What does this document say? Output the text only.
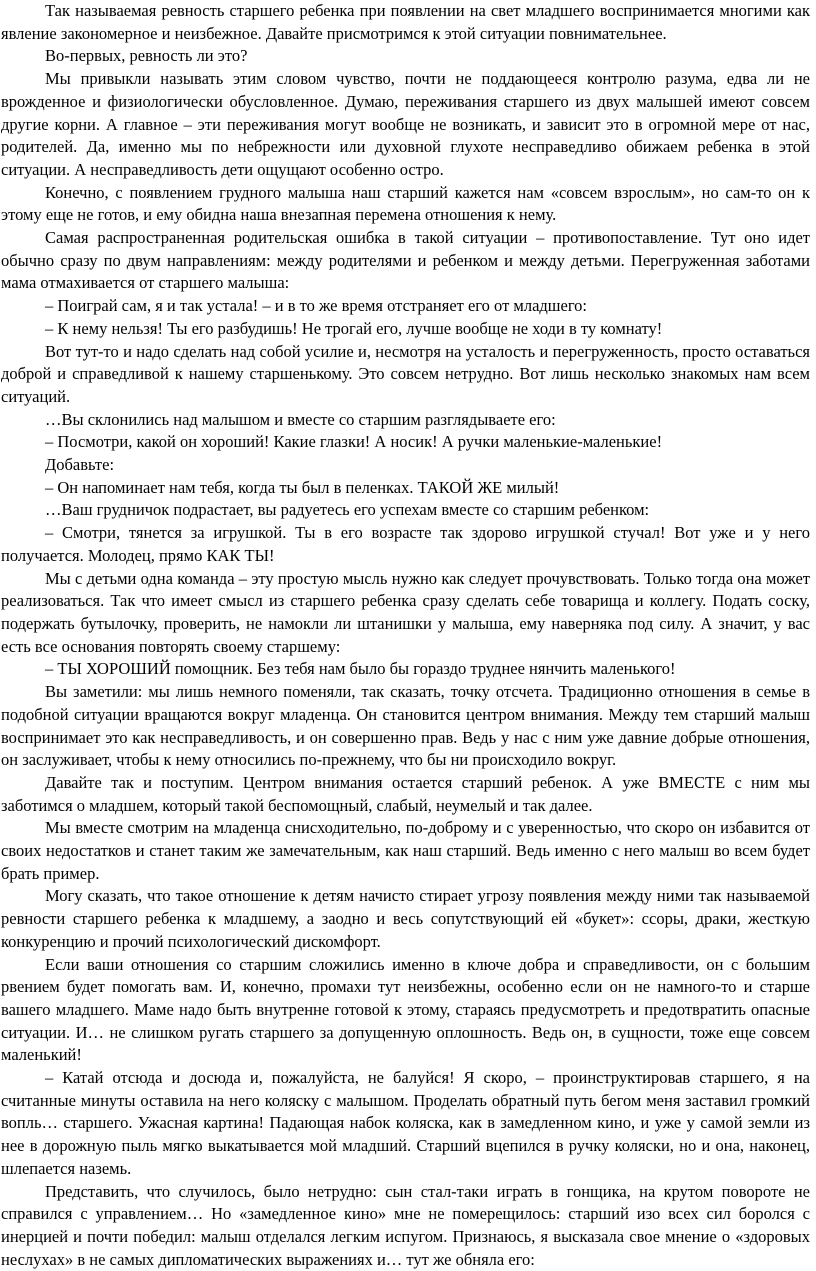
Так называемая ревность старшего ребенка при появлении на свет младшего воспринимается многими как явление закономерное и неизбежное. Давайте присмотримся к этой ситуации повнимательнее.

Во-первых, ревность ли это?

Мы привыкли называть этим словом чувство, почти не поддающееся контролю разума, едва ли не врожденное и физиологически обусловленное. Думаю, переживания старшего из двух малышей имеют совсем другие корни. А главное – эти переживания могут вообще не возникать, и зависит это в огромной мере от нас, родителей. Да, именно мы по небрежности или духовной глухоте несправедливо обижаем ребенка в этой ситуации. А несправедливость дети ощущают особенно остро.

Конечно, с появлением грудного малыша наш старший кажется нам «совсем взрослым», но сам-то он к этому еще не готов, и ему обидна наша внезапная перемена отношения к нему.

Самая распространенная родительская ошибка в такой ситуации – противопоставление. Тут оно идет обычно сразу по двум направлениям: между родителями и ребенком и между детьми. Перегруженная заботами мама отмахивается от старшего малыша:

– Поиграй сам, я и так устала! – и в то же время отстраняет его от младшего:

– К нему нельзя! Ты его разбудишь! Не трогай его, лучше вообще не ходи в ту комнату!

Вот тут-то и надо сделать над собой усилие и, несмотря на усталость и перегруженность, просто оставаться доброй и справедливой к нашему старшенькому. Это совсем нетрудно. Вот лишь несколько знакомых нам всем ситуаций.

…Вы склонились над малышом и вместе со старшим разглядываете его:

– Посмотри, какой он хороший! Какие глазки! А носик! А ручки маленькие-маленькие!

Добавьте:

– Он напоминает нам тебя, когда ты был в пеленках. ТАКОЙ ЖЕ милый!

…Ваш грудничок подрастает, вы радуетесь его успехам вместе со старшим ребенком:

– Смотри, тянется за игрушкой. Ты в его возрасте так здорово игрушкой стучал! Вот уже и у него получается. Молодец, прямо КАК ТЫ!

Мы с детьми одна команда – эту простую мысль нужно как следует прочувствовать. Только тогда она может реализоваться. Так что имеет смысл из старшего ребенка сразу сделать себе товарища и коллегу. Подать соску, подержать бутылочку, проверить, не намокли ли штанишки у малыша, ему наверняка под силу. А значит, у вас есть все основания повторять своему старшему:

– ТЫ ХОРОШИЙ помощник. Без тебя нам было бы гораздо труднее нянчить маленького!

Вы заметили: мы лишь немного поменяли, так сказать, точку отсчета. Традиционно отношения в семье в подобной ситуации вращаются вокруг младенца. Он становится центром внимания. Между тем старший малыш воспринимает это как несправедливость, и он совершенно прав. Ведь у нас с ним уже давние добрые отношения, он заслуживает, чтобы к нему относились по-прежнему, что бы ни происходило вокруг.

Давайте так и поступим. Центром внимания остается старший ребенок. А уже ВМЕСТЕ с ним мы заботимся о младшем, который такой беспомощный, слабый, неумелый и так далее.

Мы вместе смотрим на младенца снисходительно, по-доброму и с уверенностью, что скоро он избавится от своих недостатков и станет таким же замечательным, как наш старший. Ведь именно с него малыш во всем будет брать пример.

Могу сказать, что такое отношение к детям начисто стирает угрозу появления между ними так называемой ревности старшего ребенка к младшему, а заодно и весь сопутствующий ей «букет»: ссоры, драки, жесткую конкуренцию и прочий психологический дискомфорт.

Если ваши отношения со старшим сложились именно в ключе добра и справедливости, он с большим рвением будет помогать вам. И, конечно, промахи тут неизбежны, особенно если он не намного-то и старше вашего младшего. Маме надо быть внутренне готовой к этому, стараясь предусмотреть и предотвратить опасные ситуации. И… не слишком ругать старшего за допущенную оплошность. Ведь он, в сущности, тоже еще совсем маленький!

– Катай отсюда и досюда и, пожалуйста, не балуйся! Я скоро, – проинструктировав старшего, я на считанные минуты оставила на него коляску с малышом. Проделать обратный путь бегом меня заставил громкий вопль… старшего. Ужасная картина! Падающая набок коляска, как в замедленном кино, и уже у самой земли из нее в дорожную пыль мягко выкатывается мой младший. Старший вцепился в ручку коляски, но и она, наконец, шлепается наземь.

Представить, что случилось, было нетрудно: сын стал-таки играть в гонщика, на крутом повороте не справился с управлением… Но «замедленное кино» мне не померещилось: старший изо всех сил боролся с инерцией и почти победил: малыш отделался легким испугом. Признаюсь, я высказала свое мнение о «здоровых неслухах» в не самых дипломатических выражениях и… тут же обняла его:
